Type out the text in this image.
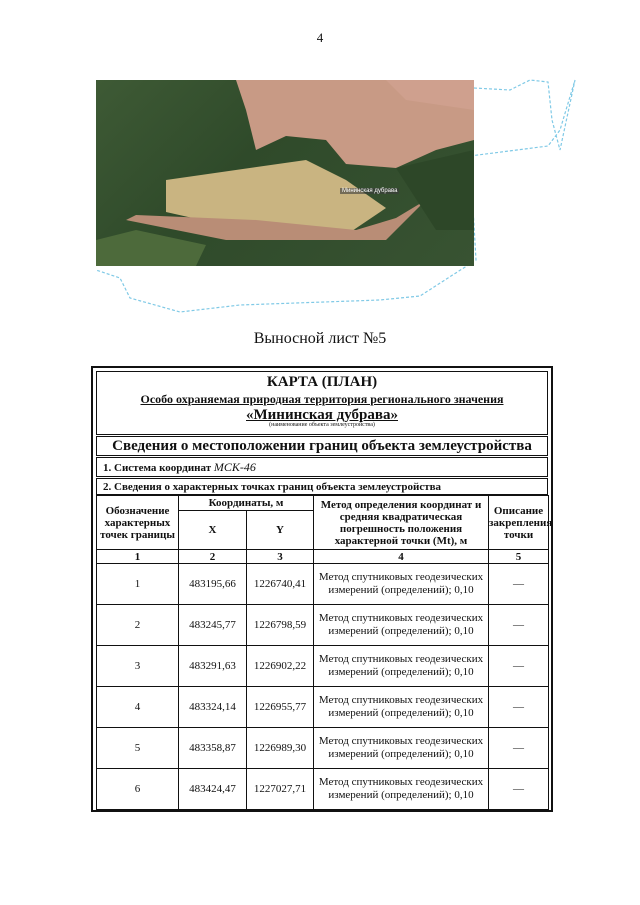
4
Мининская дубрава
Выносной лист №5
КАРТА (ПЛАН)
Особо охраняемая природная территория регионального значения
«Мининская дубрава»
(наименование объекта землеустройства)
Сведения о местоположении границ объекта землеустройства
1. Система координат МСК-46
2. Сведения о характерных точках границ объекта землеустройства
Обозначение характерных точек границы	Координаты, м		Метод определения координат и средняя квадратическая погрешность положения характерной точки (Mt), м	Описание закрепления точки
	X	Y		
1	2	3	4	5
1	483195,66	1226740,41	Метод спутниковых геодезических измерений (определений); 0,10	—
2	483245,77	1226798,59	Метод спутниковых геодезических измерений (определений); 0,10	—
3	483291,63	1226902,22	Метод спутниковых геодезических измерений (определений); 0,10	—
4	483324,14	1226955,77	Метод спутниковых геодезических измерений (определений); 0,10	—
5	483358,87	1226989,30	Метод спутниковых геодезических измерений (определений); 0,10	—
6	483424,47	1227027,71	Метод спутниковых геодезических измерений (определений); 0,10	—
